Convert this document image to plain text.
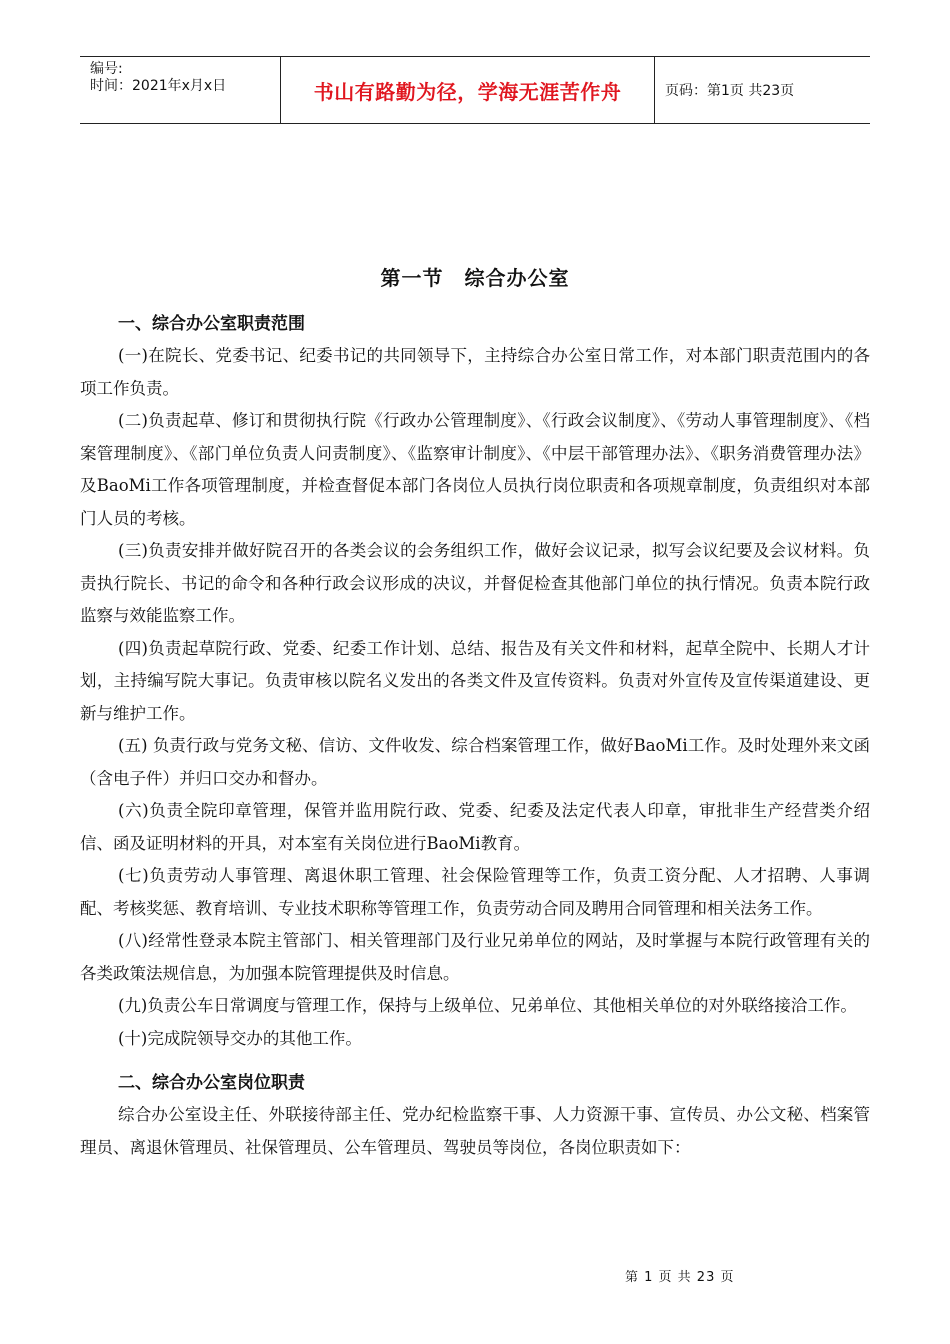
编号:
时间：2021年x月x日	书山有路勤为径，学海无涯苦作舟	页码：第1页 共23页
第一节　综合办公室

一、综合办公室职责范围

(一)在院长、党委书记、纪委书记的共同领导下，主持综合办公室日常工作，对本部门职责范围内的各项工作负责。

(二)负责起草、修订和贯彻执行院《行政办公管理制度》、《行政会议制度》、《劳动人事管理制度》、《档案管理制度》、《部门单位负责人问责制度》、《监察审计制度》、《中层干部管理办法》、《职务消费管理办法》及BaoMi工作各项管理制度，并检查督促本部门各岗位人员执行岗位职责和各项规章制度，负责组织对本部门人员的考核。

(三)负责安排并做好院召开的各类会议的会务组织工作，做好会议记录，拟写会议纪要及会议材料。负责执行院长、书记的命令和各种行政会议形成的决议，并督促检查其他部门单位的执行情况。负责本院行政监察与效能监察工作。

(四)负责起草院行政、党委、纪委工作计划、总结、报告及有关文件和材料，起草全院中、长期人才计划，主持编写院大事记。负责审核以院名义发出的各类文件及宣传资料。负责对外宣传及宣传渠道建设、更新与维护工作。

(五) 负责行政与党务文秘、信访、文件收发、综合档案管理工作，做好BaoMi工作。及时处理外来文函（含电子件）并归口交办和督办。

(六)负责全院印章管理，保管并监用院行政、党委、纪委及法定代表人印章，审批非生产经营类介绍信、函及证明材料的开具，对本室有关岗位进行BaoMi教育。

(七)负责劳动人事管理、离退休职工管理、社会保险管理等工作，负责工资分配、人才招聘、人事调配、考核奖惩、教育培训、专业技术职称等管理工作，负责劳动合同及聘用合同管理和相关法务工作。

(八)经常性登录本院主管部门、相关管理部门及行业兄弟单位的网站，及时掌握与本院行政管理有关的各类政策法规信息，为加强本院管理提供及时信息。

(九)负责公车日常调度与管理工作，保持与上级单位、兄弟单位、其他相关单位的对外联络接洽工作。

(十)完成院领导交办的其他工作。

二、综合办公室岗位职责

综合办公室设主任、外联接待部主任、党办纪检监察干事、人力资源干事、宣传员、办公文秘、档案管理员、离退休管理员、社保管理员、公车管理员、驾驶员等岗位，各岗位职责如下：

第 1 页 共 23 页
